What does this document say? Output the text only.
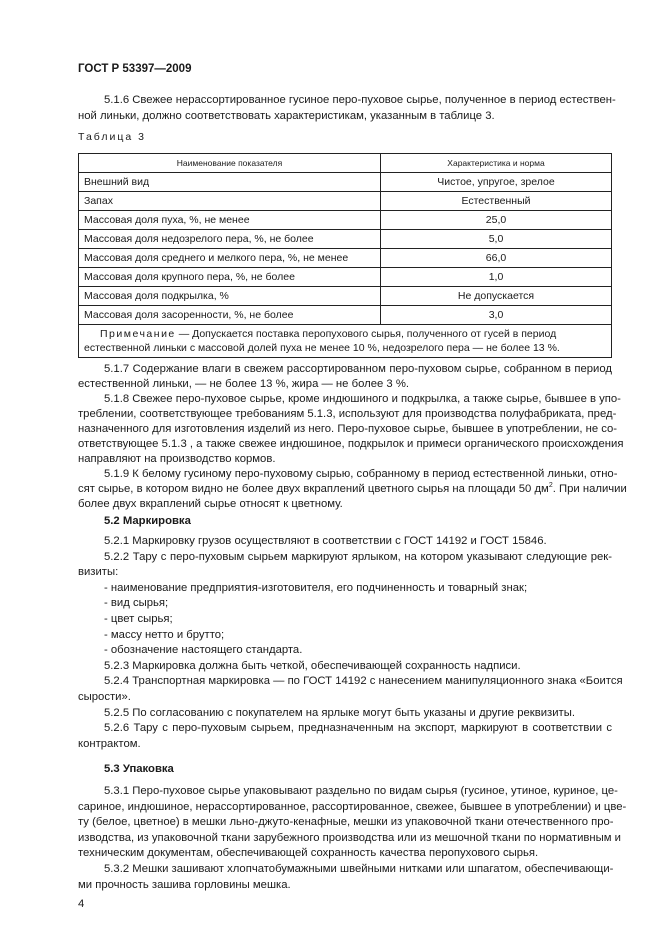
ГОСТ Р 53397—2009
5.1.6 Свежее нерассортированное гусиное перо-пуховое сырье, полученное в период естествен-
ной линьки, должно соответствовать характеристикам, указанным в таблице 3.
Таблица 3
Наименование показателя	Характеристика и норма
Внешний вид	Чистое, упругое, зрелое
Запах	Естественный
Массовая доля пуха, %, не менее	25,0
Массовая доля недозрелого пера, %, не более	5,0
Массовая доля среднего и мелкого пера, %, не менее	66,0
Массовая доля крупного пера, %, не более	1,0
Массовая доля подкрылка, %	Не допускается
Массовая доля засоренности, %, не более	3,0
Примечание — Допускается поставка перопухового сырья, полученного от гусей в период естественной линьки с массовой долей пуха не менее 10 %, недозрелого пера — не более 13 %.	
5.1.7 Содержание влаги в свежем рассортированном перо-пуховом сырье, собранном в период
естественной линьки, — не более 13 %, жира — не более 3 %.
5.1.8 Свежее перо-пуховое сырье, кроме индюшиного и подкрылка, а также сырье, бывшее в упо-
треблении, соответствующее требованиям 5.1.3, используют для производства полуфабриката, пред-
назначенного для изготовления изделий из него. Перо-пуховое сырье, бывшее в употреблении, не со-
ответствующее 5.1.3 , а также свежее индюшиное, подкрылок и примеси органического происхождения
направляют на производство кормов.
5.1.9 К белому гусиному перо-пуховому сырью, собранному в период естественной линьки, отно-
сят сырье, в котором видно не более двух вкраплений цветного сырья на площади 50 $дм^2$. При наличии
более двух вкраплений сырье относят к цветному.
5.2 Маркировка
5.2.1 Маркировку грузов осуществляют в соответствии с ГОСТ 14192 и ГОСТ 15846.
5.2.2 Тару с перо-пуховым сырьем маркируют ярлыком, на котором указывают следующие рек-
визиты:
- наименование предприятия-изготовителя, его подчиненность и товарный знак;
- вид сырья;
- цвет сырья;
- массу нетто и брутто;
- обозначение настоящего стандарта.
5.2.3 Маркировка должна быть четкой, обеспечивающей сохранность надписи.
5.2.4 Транспортная маркировка — по ГОСТ 14192 с нанесением манипуляционного знака «Боится
сырости».
5.2.5 По согласованию с покупателем на ярлыке могут быть указаны и другие реквизиты.
5.2.6 Тару с перо-пуховым сырьем, предназначенным на экспорт, маркируют в соответствии с
контрактом.
5.3 Упаковка
5.3.1 Перо-пуховое сырье упаковывают раздельно по видам сырья (гусиное, утиное, куриное, це-
сариное, индюшиное, нерассортированное, рассортированное, свежее, бывшее в употреблении) и цве-
ту (белое, цветное) в мешки льно-джуто-кенафные, мешки из упаковочной ткани отечественного про-
изводства, из упаковочной ткани зарубежного производства или из мешочной ткани по нормативным и
техническим документам, обеспечивающей сохранность качества перопухового сырья.
5.3.2 Мешки зашивают хлопчатобумажными швейными нитками или шпагатом, обеспечивающи-
ми прочность зашива горловины мешка.
4
